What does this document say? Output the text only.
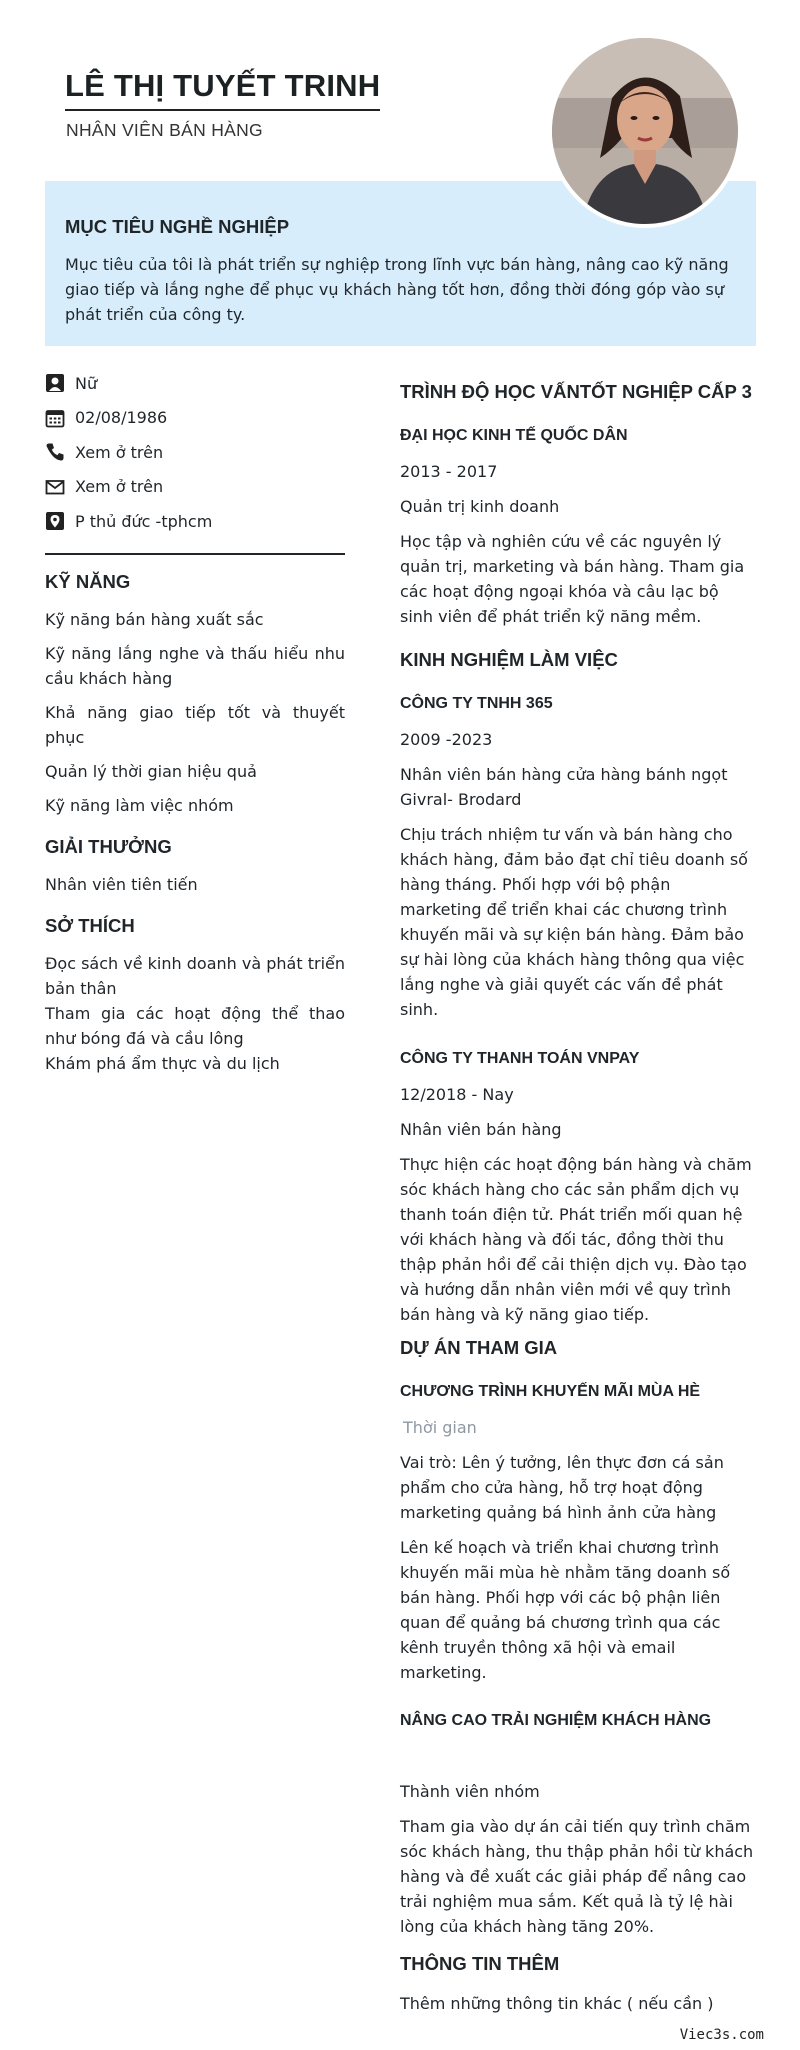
LÊ THỊ TUYẾT TRINH
NHÂN VIÊN BÁN HÀNG
MỤC TIÊU NGHỀ NGHIỆP

Mục tiêu của tôi là phát triển sự nghiệp trong lĩnh vực bán hàng, nâng cao kỹ năng giao tiếp và lắng nghe để phục vụ khách hàng tốt hơn, đồng thời đóng góp vào sự phát triển của công ty.

Nữ
02/08/1986
Xem ở trên
Xem ở trên
P thủ đức -tphcm
KỸ NĂNG
Kỹ năng bán hàng xuất sắc
Kỹ năng lắng nghe và thấu hiểu nhu cầu khách hàng
Khả năng giao tiếp tốt và thuyết phục
Quản lý thời gian hiệu quả
Kỹ năng làm việc nhóm
GIẢI THƯỞNG
Nhân viên tiên tiến
SỞ THÍCH
Đọc sách về kinh doanh và phát triển bản thân
Tham gia các hoạt động thể thao như bóng đá và cầu lông
Khám phá ẩm thực và du lịch
TRÌNH ĐỘ HỌC VẤNTỐT NGHIỆP CẤP 3
ĐẠI HỌC KINH TẾ QUỐC DÂN
2013 - 2017
Quản trị kinh doanh
Học tập và nghiên cứu về các nguyên lý quản trị, marketing và bán hàng. Tham gia các hoạt động ngoại khóa và câu lạc bộ sinh viên để phát triển kỹ năng mềm.
KINH NGHIỆM LÀM VIỆC
CÔNG TY TNHH 365
2009 -2023
Nhân viên bán hàng cửa hàng bánh ngọt Givral- Brodard
Chịu trách nhiệm tư vấn và bán hàng cho khách hàng, đảm bảo đạt chỉ tiêu doanh số hàng tháng. Phối hợp với bộ phận marketing để triển khai các chương trình khuyến mãi và sự kiện bán hàng. Đảm bảo sự hài lòng của khách hàng thông qua việc lắng nghe và giải quyết các vấn đề phát sinh.
CÔNG TY THANH TOÁN VNPAY
12/2018 - Nay
Nhân viên bán hàng
Thực hiện các hoạt động bán hàng và chăm sóc khách hàng cho các sản phẩm dịch vụ thanh toán điện tử. Phát triển mối quan hệ với khách hàng và đối tác, đồng thời thu thập phản hồi để cải thiện dịch vụ. Đào tạo và hướng dẫn nhân viên mới về quy trình bán hàng và kỹ năng giao tiếp.
DỰ ÁN THAM GIA
CHƯƠNG TRÌNH KHUYẾN MÃI MÙA HÈ
Thời gian
Vai trò: Lên ý tưởng, lên thực đơn cá sản phẩm cho cửa hàng, hỗ trợ hoạt động marketing quảng bá hình ảnh cửa hàng
Lên kế hoạch và triển khai chương trình khuyến mãi mùa hè nhằm tăng doanh số bán hàng. Phối hợp với các bộ phận liên quan để quảng bá chương trình qua các kênh truyền thông xã hội và email marketing.
NÂNG CAO TRẢI NGHIỆM KHÁCH HÀNG
Thành viên nhóm
Tham gia vào dự án cải tiến quy trình chăm sóc khách hàng, thu thập phản hồi từ khách hàng và đề xuất các giải pháp để nâng cao trải nghiệm mua sắm. Kết quả là tỷ lệ hài lòng của khách hàng tăng 20%.
THÔNG TIN THÊM
Thêm những thông tin khác ( nếu cần )
Viec3s.com
